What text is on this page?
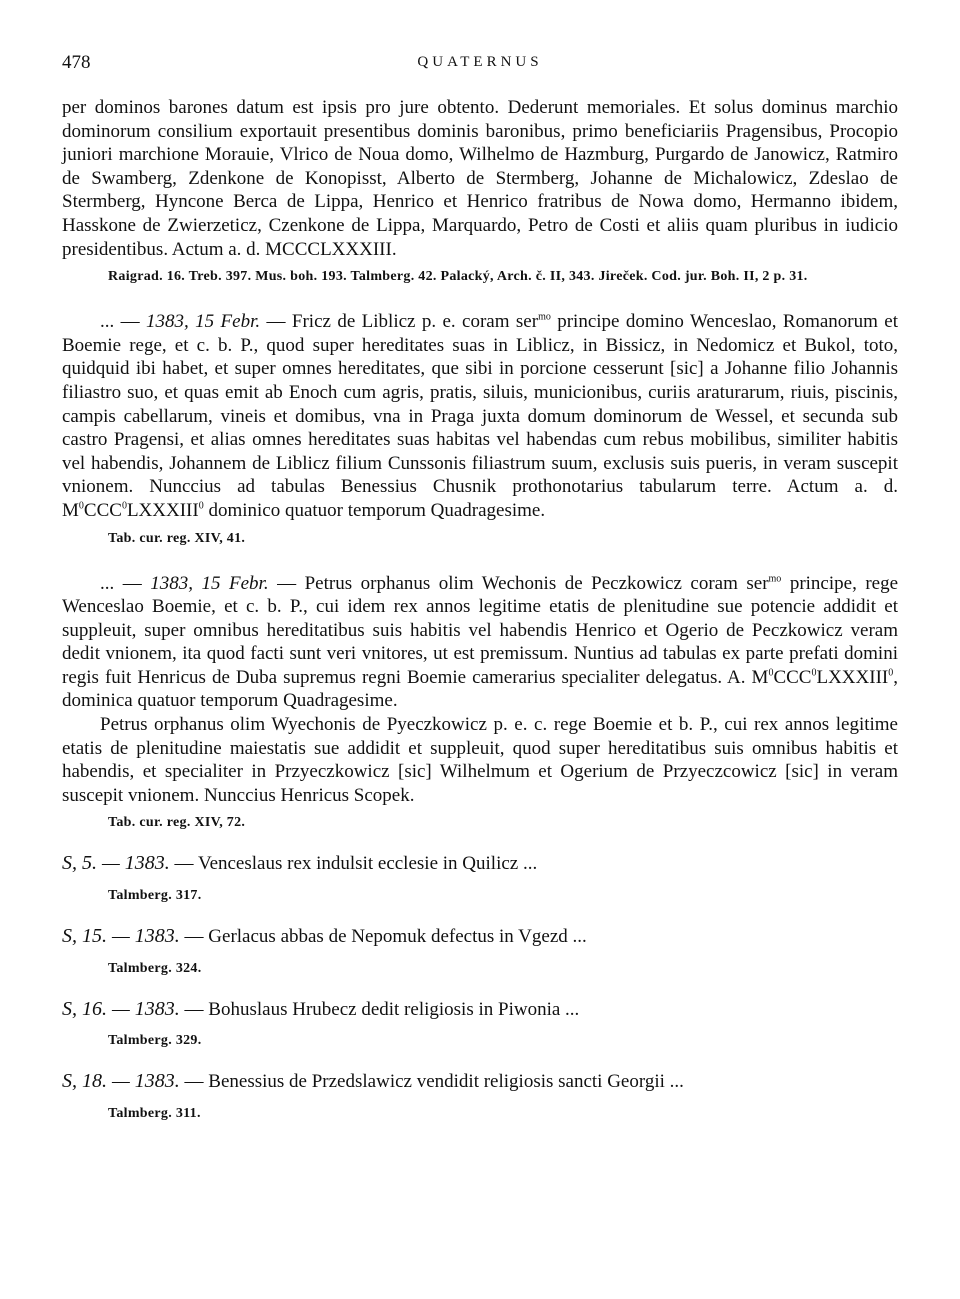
478	QUATERNUS

per dominos barones datum est ipsis pro jure obtento. Dederunt memoriales. Et solus dominus marchio dominorum consilium exportauit presentibus dominis baronibus, primo beneficiariis Pragensibus, Procopio juniori marchione Morauie, Vlrico de Noua domo, Wilhelmo de Hazmburg, Purgardo de Janowicz, Ratmiro de Swamberg, Zdenkone de Konopisst, Alberto de Stermberg, Johanne de Michalowicz, Zdeslao de Stermberg, Hyncone Berca de Lippa, Henrico et Henrico fratribus de Nowa domo, Hermanno ibidem, Hasskone de Zwierzeticz, Czenkone de Lippa, Marquardo, Petro de Costi et aliis quam pluribus in iudicio presidentibus. Actum a. d. MCCCLXXXIII.

Raigrad. 16. Treb. 397. Mus. boh. 193. Talmberg. 42. Palacký, Arch. č. II, 343. Jireček. Cod. jur. Boh. II, 2 p. 31.

... — 1383, 15 Febr. — Fricz de Liblicz p. e. coram ser$^{mo}$ principe domino Wenceslao, Romanorum et Boemie rege, et c. b. P., quod super hereditates suas in Liblicz, in Bissicz, in Nedomicz et Bukol, toto, quidquid ibi habet, et super omnes hereditates, que sibi in porcione cesserunt [sic] a Johanne filio Johannis filiastro suo, et quas emit ab Enoch cum agris, pratis, siluis, municionibus, curiis araturarum, riuis, piscinis, campis cabellarum, vineis et domibus, vna in Praga juxta domum dominorum de Wessel, et secunda sub castro Pragensi, et alias omnes hereditates suas habitas vel habendas cum rebus mobilibus, similiter habitis vel habendis, Johannem de Liblicz filium Cunssonis filiastrum suum, exclusis suis pueris, in veram suscepit vnionem. Nunccius ad tabulas Benessius Chusnik prothonotarius tabularum terre. Actum a. d. $M^0CCC^0LXXXIII^0$ dominico quatuor temporum Quadragesime.

Tab. cur. reg. XIV, 41.

... — 1383, 15 Febr. — Petrus orphanus olim Wechonis de Peczkowicz coram ser$^{mo}$ principe, rege Wenceslao Boemie, et c. b. P., cui idem rex annos legitime etatis de plenitudine sue potencie addidit et suppleuit, super omnibus hereditatibus suis habitis vel habendis Henrico et Ogerio de Peczkowicz veram dedit vnionem, ita quod facti sunt veri vnitores, ut est premissum. Nuntius ad tabulas ex parte prefati domini regis fuit Henricus de Duba supremus regni Boemie camerarius specialiter delegatus. A. $M^0CCC^0LXXXIII^0$, dominica quatuor temporum Quadragesime.

Petrus orphanus olim Wyechonis de Pyeczkowicz p. e. c. rege Boemie et b. P., cui rex annos legitime etatis de plenitudine maiestatis sue addidit et suppleuit, quod super hereditatibus suis omnibus habitis et habendis, et specialiter in Przyeczkowicz [sic] Wilhelmum et Ogerium de Przyeczcowicz [sic] in veram suscepit vnionem. Nunccius Henricus Scopek.

Tab. cur. reg. XIV, 72.

S, 5. — 1383. — Venceslaus rex indulsit ecclesie in Quilicz ...

Talmberg. 317.

S, 15. — 1383. — Gerlacus abbas de Nepomuk defectus in Vgezd ...

Talmberg. 324.

S, 16. — 1383. — Bohuslaus Hrubecz dedit religiosis in Piwonia ...

Talmberg. 329.

S, 18. — 1383. — Benessius de Przedslawicz vendidit religiosis sancti Georgii ...

Talmberg. 311.
